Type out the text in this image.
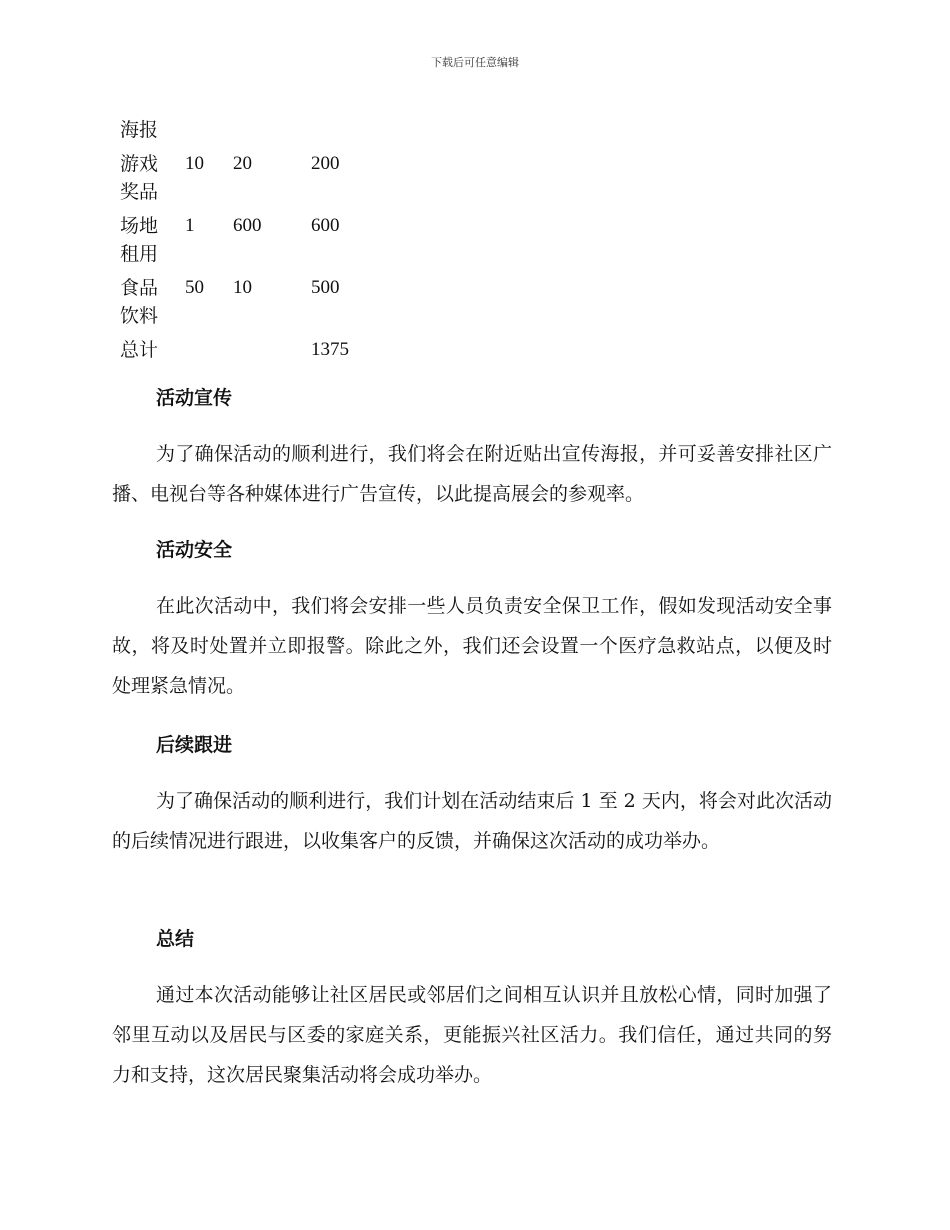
下载后可任意编辑
海报			
游戏
奖品	10	20	200
场地
租用	1	600	600
食品
饮料	50	10	500
总计			1375
活动宣传

为了确保活动的顺利进行，我们将会在附近贴出宣传海报，并可妥善安排社区广播、电视台等各种媒体进行广告宣传，以此提高展会的参观率。

活动安全

在此次活动中，我们将会安排一些人员负责安全保卫工作，假如发现活动安全事故，将及时处置并立即报警。除此之外，我们还会设置一个医疗急救站点，以便及时处理紧急情况。

后续跟进

为了确保活动的顺利进行，我们计划在活动结束后 1 至 2 天内，将会对此次活动的后续情况进行跟进，以收集客户的反馈，并确保这次活动的成功举办。

总结

通过本次活动能够让社区居民或邻居们之间相互认识并且放松心情，同时加强了邻里互动以及居民与区委的家庭关系，更能振兴社区活力。我们信任，通过共同的努力和支持，这次居民聚集活动将会成功举办。
